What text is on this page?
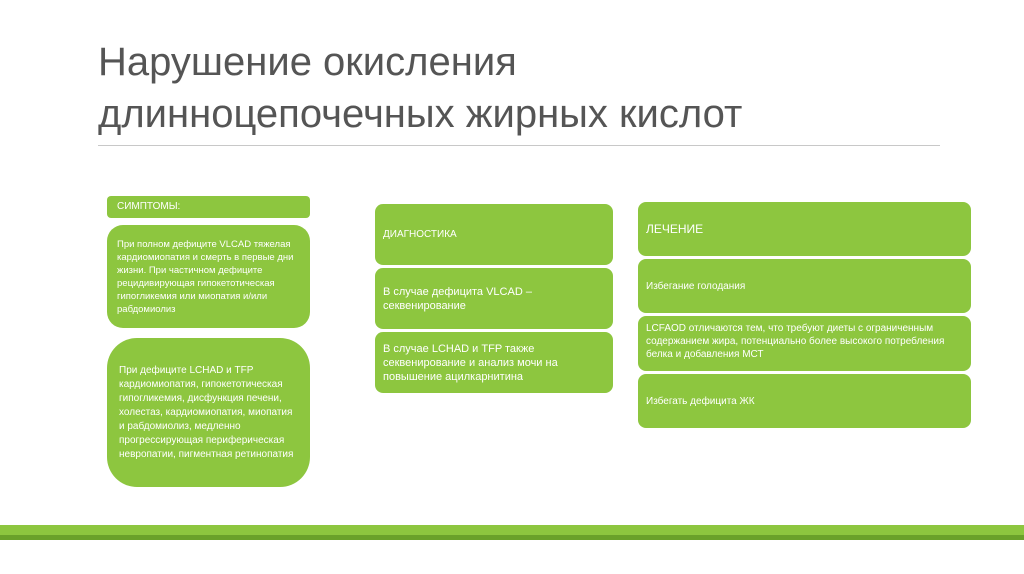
Нарушение окисления
длинноцепочечных жирных кислот
СИМПТОМЫ:
При полном дефиците VLCAD тяжелая кардиомиопатия и смерть в первые дни жизни. При частичном дефиците рецидивирующая гипокетотическая гипогликемия или миопатия и/или рабдомиолиз
При дефиците LCHAD и TFP кардиомиопатия, гипокетотическая гипогликемия, дисфункция печени, холестаз, кардиомиопатия, миопатия и рабдомиолиз, медленно прогрессирующая периферическая невропатии, пигментная ретинопатия
ДИАГНОСТИКА
В случае дефицита VLCAD – секвенирование
В случае LCHAD и TFP также секвенирование и анализ мочи на повышение ацилкарнитина
ЛЕЧЕНИЕ
Избегание голодания
LCFAOD отличаются тем, что требуют диеты с ограниченным содержанием жира, потенциально более высокого потребления белка и добавления МСТ
Избегать дефицита ЖК
